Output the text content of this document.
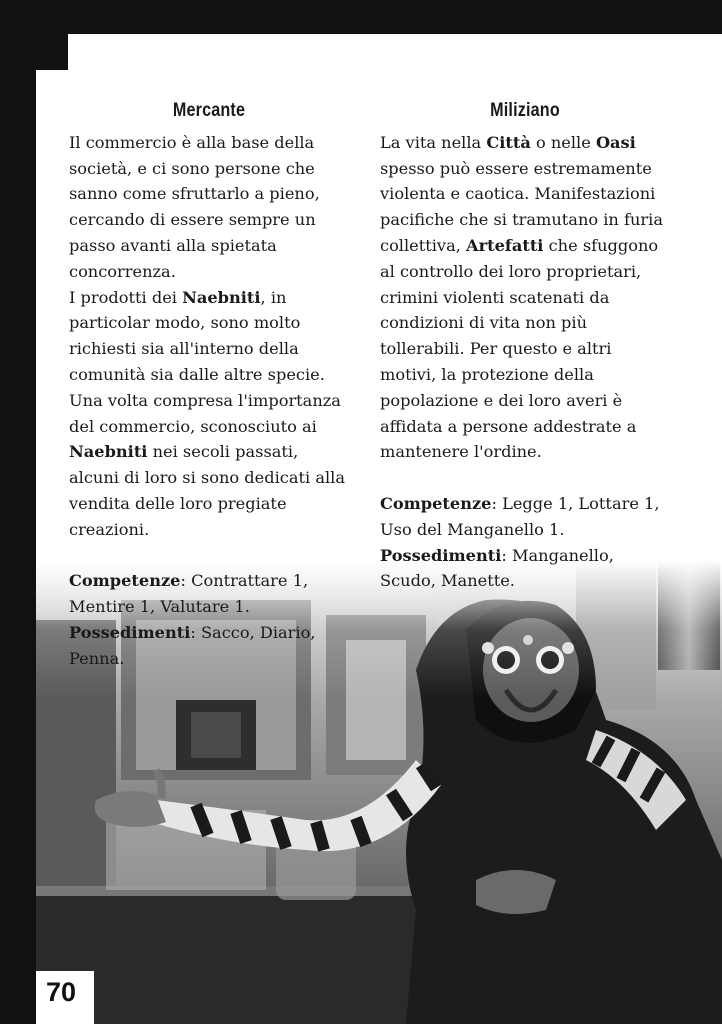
Mercante

Il commercio è alla base della società, e ci sono persone che sanno come sfruttarlo a pieno, cercando di essere sempre un passo avanti alla spietata concorrenza.

I prodotti dei Naebniti, in particolar modo, sono molto richiesti sia all'interno della comunità sia dalle altre specie.

Una volta compresa l'importanza del commercio, sconosciuto ai Naebniti nei secoli passati, alcuni di loro si sono dedicati alla vendita delle loro pregiate creazioni.

Competenze: Contrattare 1, Mentire 1, Valutare 1.

Possedimenti: Sacco, Diario, Penna.

Miliziano

La vita nella Città o nelle Oasi spesso può essere estremamente violenta e caotica. Manifestazioni pacifiche che si tramutano in furia collettiva, Artefatti che sfuggono al controllo dei loro proprietari, crimini violenti scatenati da condizioni di vita non più tollerabili. Per questo e altri motivi, la protezione della popolazione e dei loro averi è affidata a persone addestrate a mantenere l'ordine.

Competenze: Legge 1, Lottare 1, Uso del Manganello 1.

Possedimenti: Manganello, Scudo, Manette.

70
